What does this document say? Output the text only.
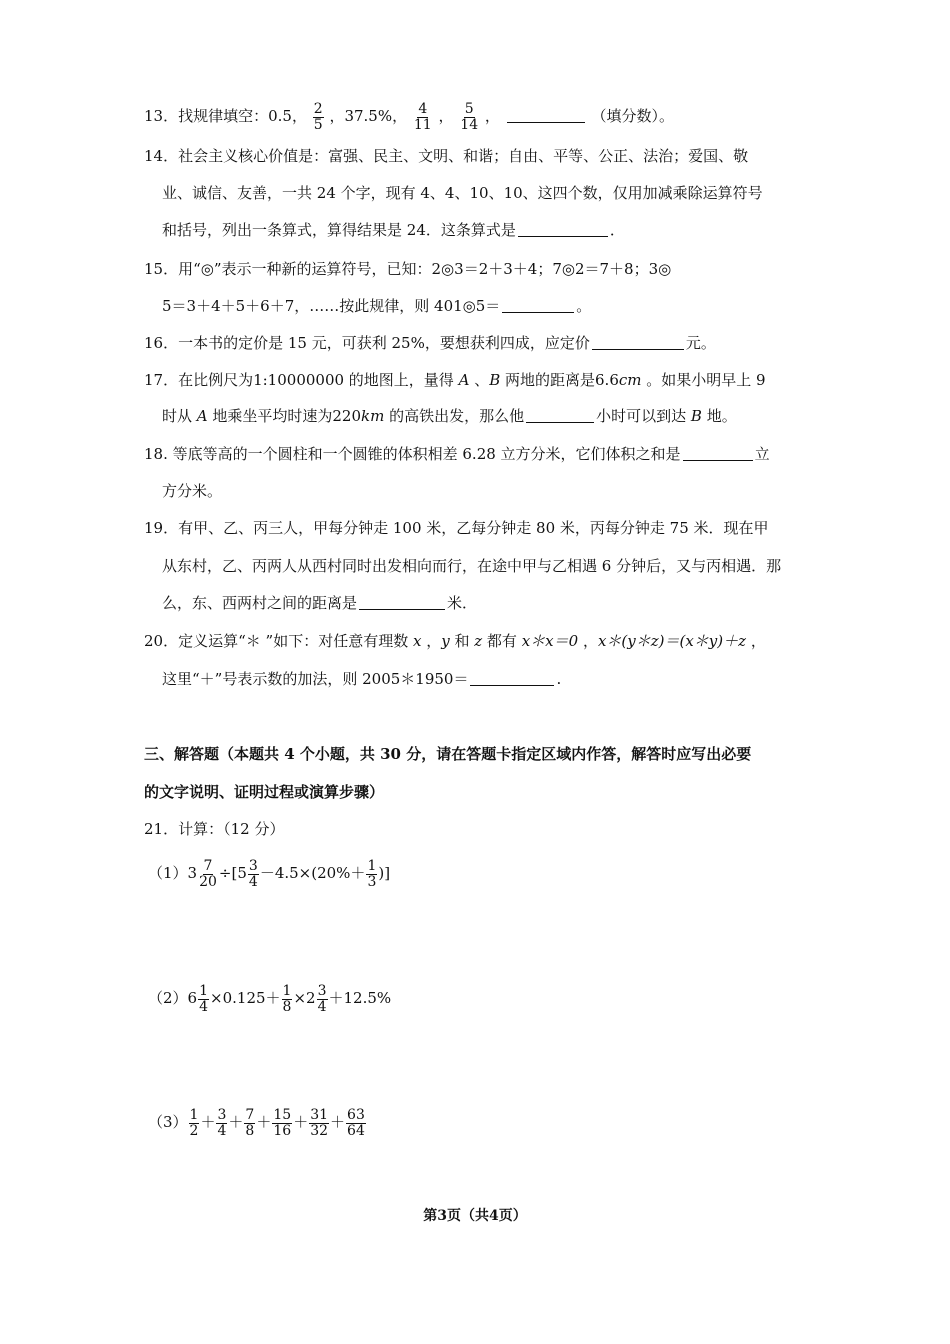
13．找规律填空：0.5， $\frac{2}{5}$ ，37.5%， $\frac{4}{11}$ ， $\frac{5}{14}$ ，	（填分数）。
14．社会主义核心价值是：富强、民主、文明、和谐；自由、平等、公正、法治；爱国、敬
业、诚信、友善，一共 24 个字，现有 4、4、10、10、这四个数，仅用加减乘除运算符号
和括号，列出一条算式，算得结果是 24．这条算式是	．
15．用“◎”表示一种新的运算符号，已知：2◎3＝2＋3＋4；7◎2＝7＋8；3◎
5＝3＋4＋5＋6＋7，……按此规律，则 401◎5＝	。
16．一本书的定价是 15 元，可获利 25%，要想获利四成，应定价	元。
17．在比例尺为1:10000000 的地图上，量得 A 、B 两地的距离是6.6cm 。如果小明早上 9
时从 A 地乘坐平均时速为220km 的高铁出发，那么他	小时可以到达 B 地。
18. 等底等高的一个圆柱和一个圆锥的体积相差 6.28 立方分米，它们体积之和是	立
方分米。
19．有甲、乙、丙三人，甲每分钟走 100 米，乙每分钟走 80 米，丙每分钟走 75 米．现在甲
从东村，乙、丙两人从西村同时出发相向而行，在途中甲与乙相遇 6 分钟后，又与丙相遇．那
么，东、西两村之间的距离是	米．
20．定义运算“＊ ”如下：对任意有理数 x ，y 和 z 都有 x＊x＝0 ，x＊(y＊z)＝(x＊y)＋z ，
这里“＋”号表示数的加法，则 2005＊1950＝	.
三、解答题（本题共 4 个小题，共 30 分，请在答题卡指定区域内作答，解答时应写出必要
的文字说明、证明过程或演算步骤）
21．计算：（12 分）
$(1)3 \frac{7}{20} \div[5 \frac{3}{4} -4.5\times(20\%+ \frac{1}{3}$ )]
$(2)6 \frac{1}{4} \times 0.125+ \frac{1}{8} \times 2 \frac{3}{4} +12.5\%$
$(3) \frac{1}{2} + \frac{3}{4} + \frac{7}{8} + \frac{15}{16} + \frac{31}{32} + \frac{63}{64}$
第3页（共4页）
